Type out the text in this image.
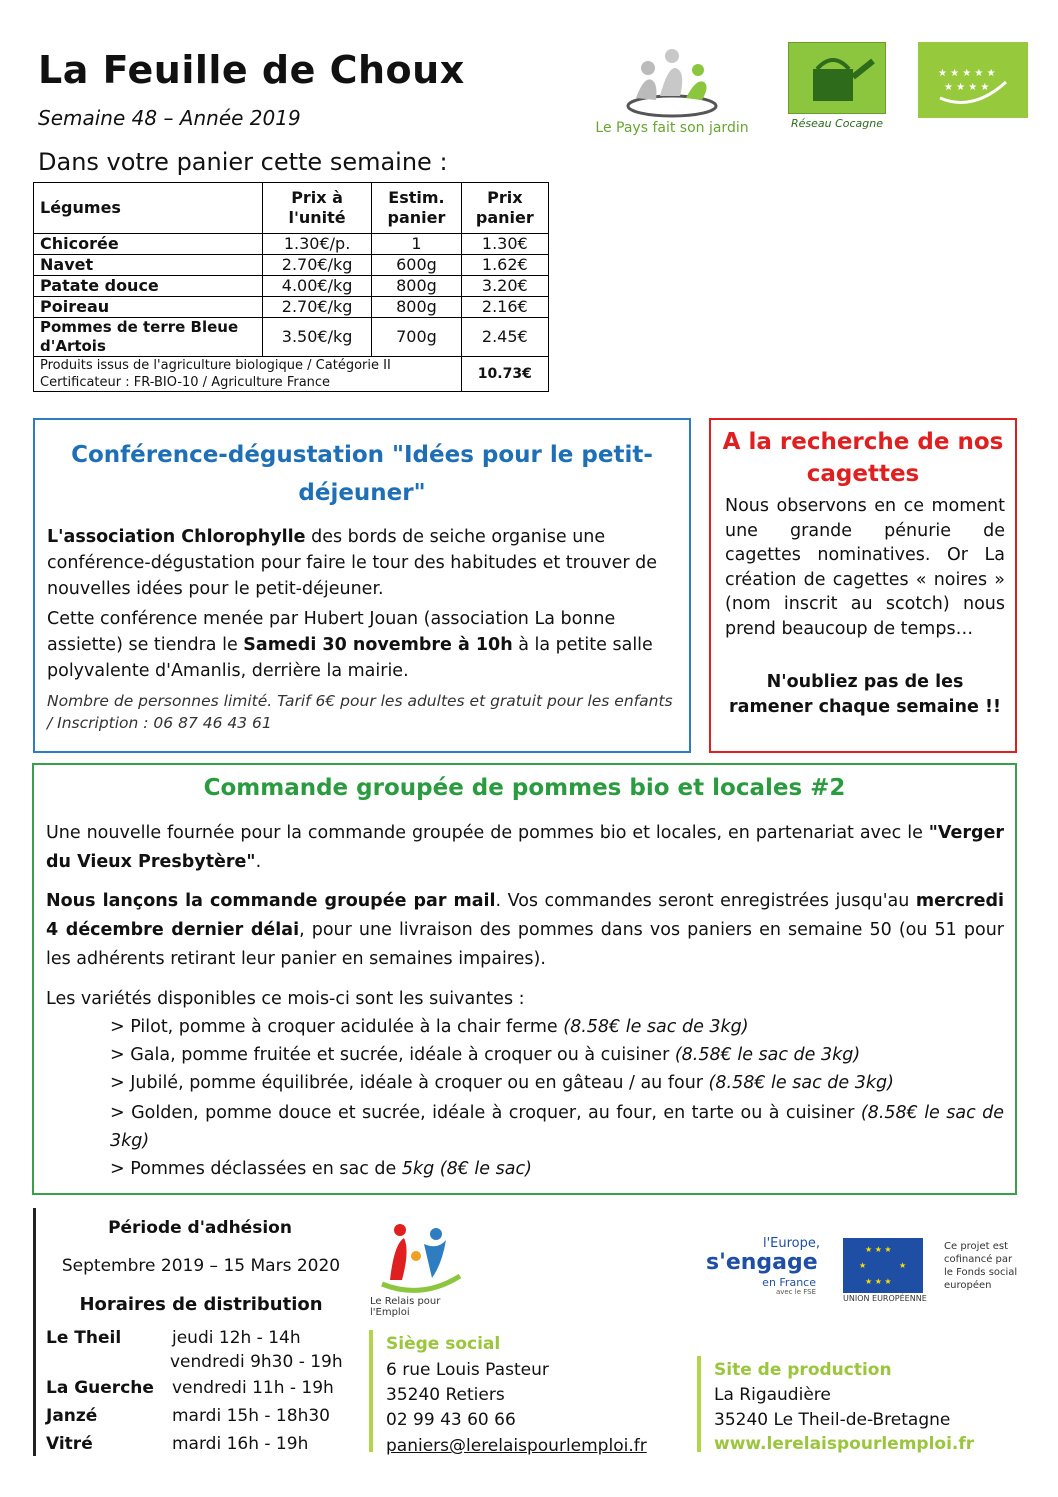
La Feuille de Choux
Semaine 48 – Année 2019
Dans votre panier cette semaine :
Le Pays fait son jardin	Réseau Cocagne
★ ★ ★ ★ ★
★ ★ ★ ★
Légumes	Prix à l'unité	Estim. panier	Prix panier
Chicorée	1.30€/p.	1	1.30€
Navet	2.70€/kg	600g	1.62€
Patate douce	4.00€/kg	800g	3.20€
Poireau	2.70€/kg	800g	2.16€
Pommes de terre Bleue d'Artois	3.50€/kg	700g	2.45€
Produits issus de l'agriculture biologique / Catégorie II
Certificateur : FR-BIO-10 / Agriculture France			10.73€
Conférence-dégustation "Idées pour le petit-déjeuner"
L'association Chlorophylle des bords de seiche organise une conférence-dégustation pour faire le tour des habitudes et trouver de nouvelles idées pour le petit-déjeuner.
Cette conférence menée par Hubert Jouan (association La bonne assiette) se tiendra le Samedi 30 novembre à 10h à la petite salle polyvalente d'Amanlis, derrière la mairie.
Nombre de personnes limité. Tarif 6€ pour les adultes et gratuit pour les enfants / Inscription : 06 87 46 43 61
A la recherche de nos cagettes
Nous observons en ce moment une grande pénurie de cagettes nominatives. Or La création de cagettes « noires » (nom inscrit au scotch) nous prend beaucoup de temps…
N'oubliez pas de les ramener chaque semaine !!
Commande groupée de pommes bio et locales #2
Une nouvelle fournée pour la commande groupée de pommes bio et locales, en partenariat avec le "Verger du Vieux Presbytère".
Nous lançons la commande groupée par mail. Vos commandes seront enregistrées jusqu'au mercredi 4 décembre dernier délai, pour une livraison des pommes dans vos paniers en semaine 50 (ou 51 pour les adhérents retirant leur panier en semaines impaires).
Les variétés disponibles ce mois-ci sont les suivantes :
> Pilot, pomme à croquer acidulée à la chair ferme (8.58€ le sac de 3kg)
> Gala, pomme fruitée et sucrée, idéale à croquer ou à cuisiner (8.58€ le sac de 3kg)
> Jubilé, pomme équilibrée, idéale à croquer ou en gâteau / au four (8.58€ le sac de 3kg)
> Golden, pomme douce et sucrée, idéale à croquer, au four, en tarte ou à cuisiner (8.58€ le sac de 3kg)
> Pommes déclassées en sac de 5kg (8€ le sac)
Période d'adhésion
Septembre 2019 – 15 Mars 2020
Horaires de distribution
Le Theil	jeudi 12h - 14h
vendredi 9h30 - 19h
La Guerche vendredi 11h - 19h
Janzé	mardi 15h - 18h30
Vitré	mardi 16h - 19h
Le Relais pour l'Emploi
l'Europe,
s'engage
en France
avec le FSE
★ ★ ★
★	★
★ ★ ★
UNION EUROPÉENNE
Ce projet est cofinancé par le Fonds social européen
Siège social
6 rue Louis Pasteur
35240 Retiers
02 99 43 60 66
paniers@lerelaispourlemploi.fr
Site de production
La Rigaudière
35240 Le Theil-de-Bretagne
www.lerelaispourlemploi.fr
